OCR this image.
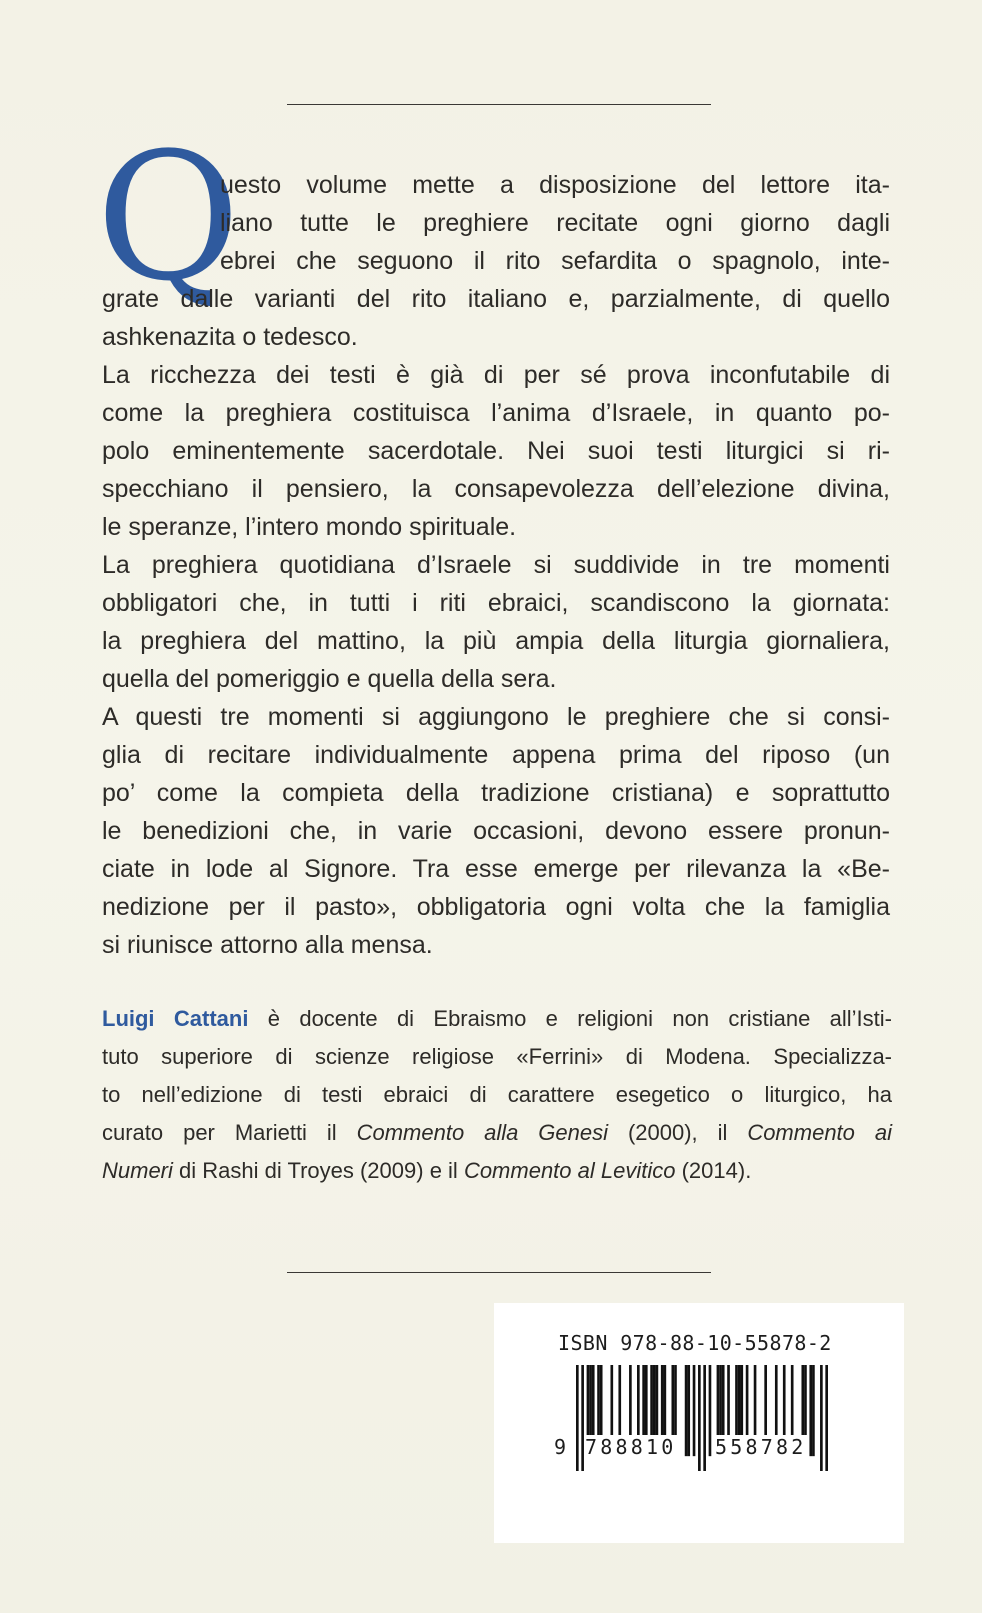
Q
uesto volume mette a disposizione del lettore ita-
liano tutte le preghiere recitate ogni giorno dagli
ebrei che seguono il rito sefardita o spagnolo, inte-
grate dalle varianti del rito italiano e, parzialmente, di quello
ashkenazita o tedesco.
La ricchezza dei testi è già di per sé prova inconfutabile di
come la preghiera costituisca l’anima d’Israele, in quanto po-
polo eminentemente sacerdotale. Nei suoi testi liturgici si ri-
specchiano il pensiero, la consapevolezza dell’elezione divina,
le speranze, l’intero mondo spirituale.
La preghiera quotidiana d’Israele si suddivide in tre momenti
obbligatori che, in tutti i riti ebraici, scandiscono la giornata:
la preghiera del mattino, la più ampia della liturgia giornaliera,
quella del pomeriggio e quella della sera.
A questi tre momenti si aggiungono le preghiere che si consi-
glia di recitare individualmente appena prima del riposo (un
po’ come la compieta della tradizione cristiana) e soprattutto
le benedizioni che, in varie occasioni, devono essere pronun-
ciate in lode al Signore. Tra esse emerge per rilevanza la «Be-
nedizione per il pasto», obbligatoria ogni volta che la famiglia
si riunisce attorno alla mensa.
Luigi Cattani è docente di Ebraismo e religioni non cristiane all’Isti-
tuto superiore di scienze religiose «Ferrini» di Modena. Specializza-
to nell’edizione di testi ebraici di carattere esegetico o liturgico, ha
curato per Marietti il Commento alla Genesi (2000), il Commento ai
Numeri di Rashi di Troyes (2009) e il Commento al Levitico (2014).
ISBN 978-88-10-55878-2
9 788810 558782
